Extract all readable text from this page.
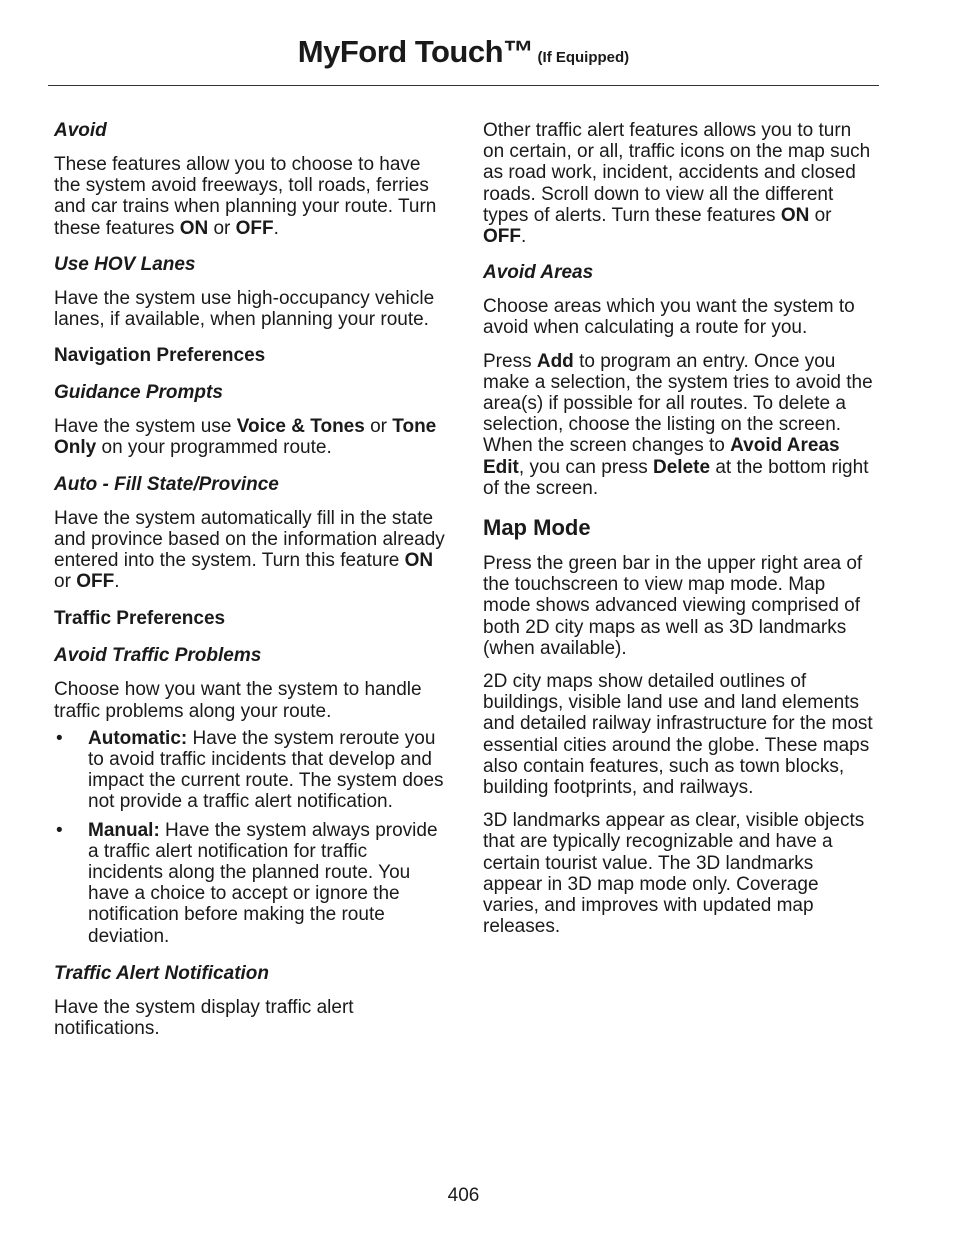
MyFord Touch™ (If Equipped)
Avoid

These features allow you to choose to have the system avoid freeways, toll roads, ferries and car trains when planning your route. Turn these features ON or OFF.

Use HOV Lanes

Have the system use high-occupancy vehicle lanes, if available, when planning your route.

Navigation Preferences
Guidance Prompts

Have the system use Voice & Tones or Tone Only on your programmed route.

Auto - Fill State/Province

Have the system automatically fill in the state and province based on the information already entered into the system. Turn this feature ON or OFF.

Traffic Preferences
Avoid Traffic Problems

Choose how you want the system to handle traffic problems along your route.

• Automatic: Have the system reroute you to avoid traffic incidents that develop and impact the current route. The system does not provide a traffic alert notification.
• Manual: Have the system always provide a traffic alert notification for traffic incidents along the planned route. You have a choice to accept or ignore the notification before making the route deviation.
Traffic Alert Notification

Have the system display traffic alert notifications.

Other traffic alert features allows you to turn on certain, or all, traffic icons on the map such as road work, incident, accidents and closed roads. Scroll down to view all the different types of alerts. Turn these features ON or OFF.

Avoid Areas

Choose areas which you want the system to avoid when calculating a route for you.

Press Add to program an entry. Once you make a selection, the system tries to avoid the area(s) if possible for all routes. To delete a selection, choose the listing on the screen. When the screen changes to Avoid Areas Edit, you can press Delete at the bottom right of the screen.

Map Mode

Press the green bar in the upper right area of the touchscreen to view map mode. Map mode shows advanced viewing comprised of both 2D city maps as well as 3D landmarks (when available).

2D city maps show detailed outlines of buildings, visible land use and land elements and detailed railway infrastructure for the most essential cities around the globe. These maps also contain features, such as town blocks, building footprints, and railways.

3D landmarks appear as clear, visible objects that are typically recognizable and have a certain tourist value. The 3D landmarks appear in 3D map mode only. Coverage varies, and improves with updated map releases.

406
